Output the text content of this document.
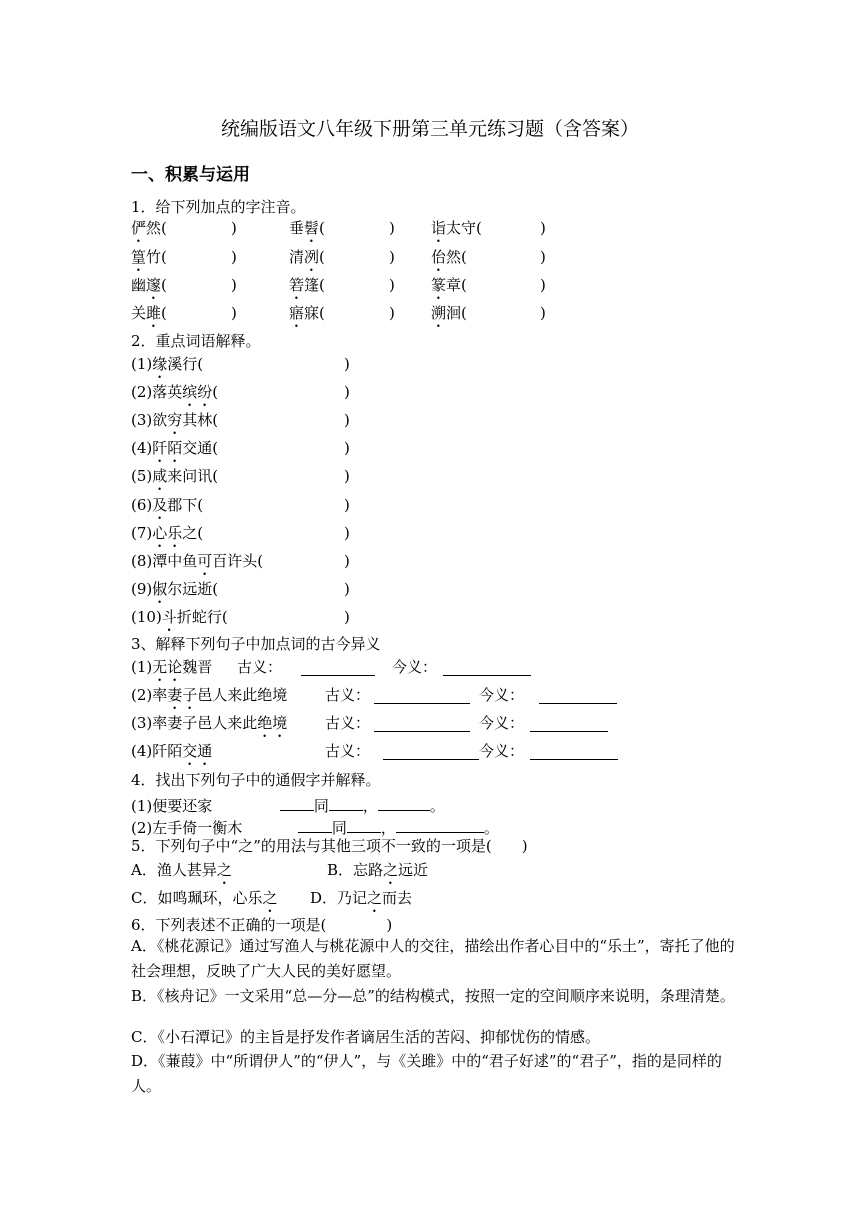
统编版语文八年级下册第三单元练习题（含答案）
一、积累与运用
1．给下列加点的字注音。
俨然(	)	垂髫(	) 诣太守(	)
篁竹(	)	清冽(	) 佁然(	)
幽邃(	)	箬篷(	) 篆章(	)
关雎(	)	寤寐(	) 溯洄(	)
2．重点词语解释。
(1)缘溪行(	)
(2)落英缤纷(	)
(3)欲穷其林(	)
(4)阡陌交通(	)
(5)咸来问讯(	)
(6)及郡下(	)
(7)心乐之(	)
(8)潭中鱼可百许头(	)
(9)俶尔远逝(	)
(10)斗折蛇行(	)
3、解释下列句子中加点词的古今异义
(1)无论魏晋 古义：	今义：
(2)率妻子邑人来此绝境	古义：	今义：
(3)率妻子邑人来此绝境	古义：	今义：
(4)阡陌交通	古义：	今义：
4．找出下列句子中的通假字并解释。
(1)便要还家	同 ，	。
(2)左手倚一衡木	同 ，	。
5．下列句子中“之”的用法与其他三项不一致的一项是(　　)
A．渔人甚异之	B．忘路之远近
C．如鸣珮环，心乐之 D．乃记之而去
6．下列表述不正确的一项是(　　　　)
A．《桃花源记》通过写渔人与桃花源中人的交往，描绘出作者心目中的“乐土”，寄托了他的社会理想，反映了广大人民的美好愿望。
B．《核舟记》一文采用“总—分—总”的结构模式，按照一定的空间顺序来说明，条理清楚。
C．《小石潭记》的主旨是抒发作者谪居生活的苦闷、抑郁忧伤的情感。
D．《蒹葭》中“所谓伊人”的“伊人”，与《关雎》中的“君子好逑”的“君子”，指的是同样的人。
